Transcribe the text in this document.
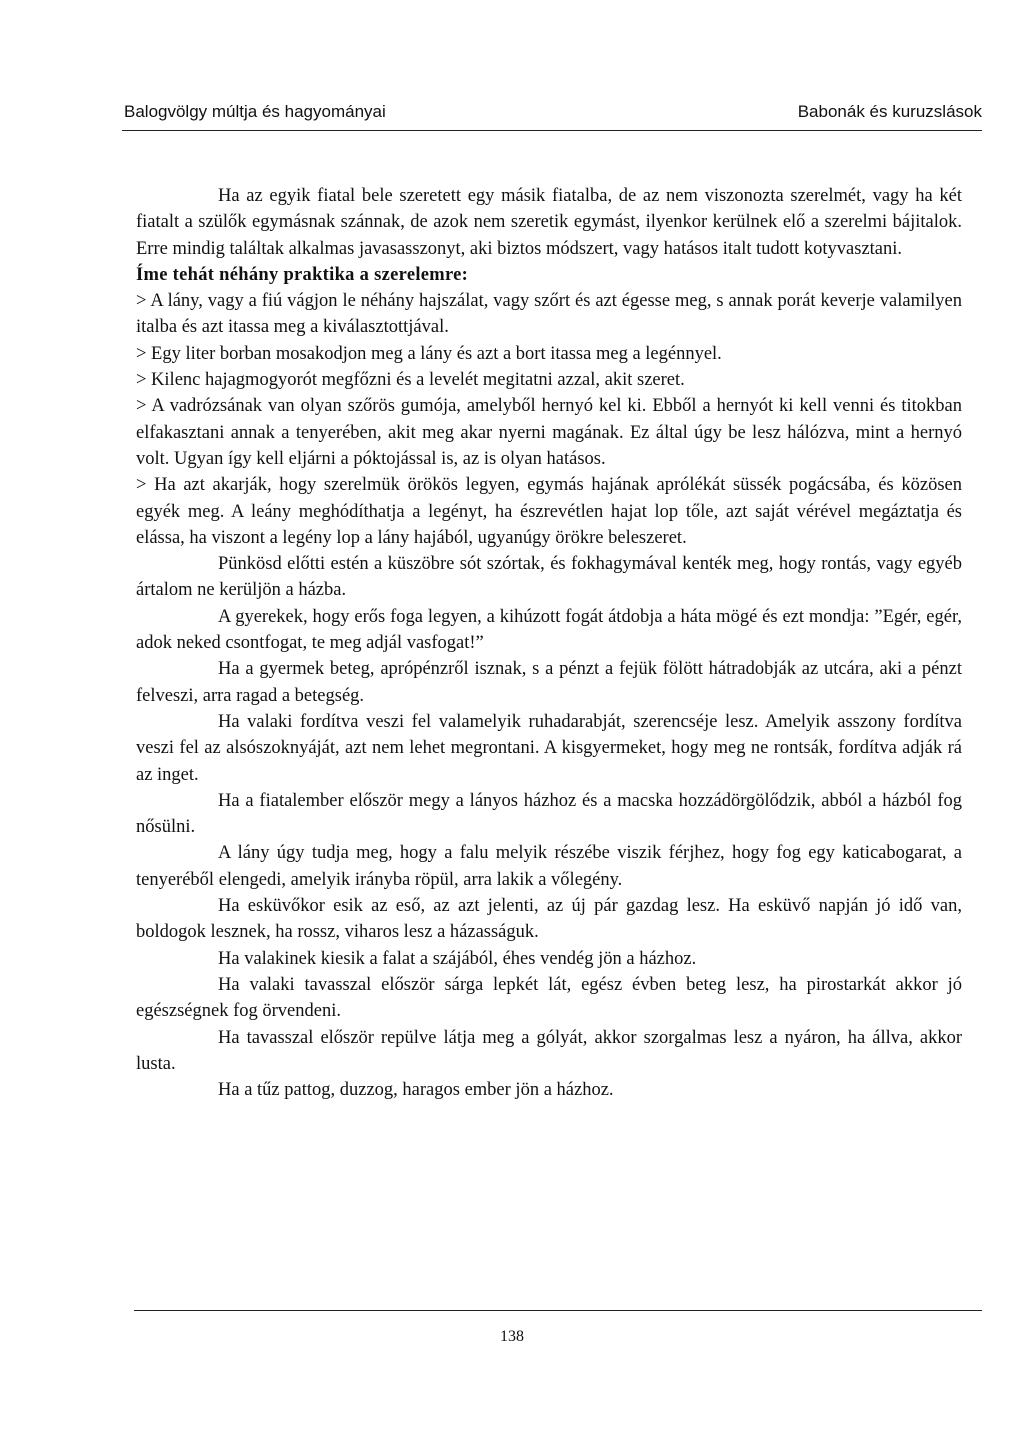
Balogvölgy múltja és hagyományai	Babonák és kuruzslások

Ha az egyik fiatal bele szeretett egy másik fiatalba, de az nem viszonozta szerelmét, vagy ha két fiatalt a szülők egymásnak szánnak, de azok nem szeretik egymást, ilyenkor kerülnek elő a szerelmi bájitalok. Erre mindig találtak alkalmas javasasszonyt, aki biztos módszert, vagy hatásos italt tudott kotyvasztani.

Íme tehát néhány praktika a szerelemre:

> A lány, vagy a fiú vágjon le néhány hajszálat, vagy szőrt és azt égesse meg, s annak porát keverje valamilyen italba és azt itassa meg a kiválasztottjával.

> Egy liter borban mosakodjon meg a lány és azt a bort itassa meg a legénnyel.

> Kilenc hajagmogyorót megfőzni és a levelét megitatni azzal, akit szeret.

> A vadrózsának van olyan szőrös gumója, amelyből hernyó kel ki. Ebből a hernyót ki kell venni és titokban elfakasztani annak a tenyerében, akit meg akar nyerni magának. Ez által úgy be lesz hálózva, mint a hernyó volt. Ugyan így kell eljárni a póktojással is, az is olyan hatásos.

> Ha azt akarják, hogy szerelmük örökös legyen, egymás hajának aprólékát süssék pogácsába, és közösen egyék meg. A leány meghódíthatja a legényt, ha észrevétlen hajat lop tőle, azt saját vérével megáztatja és elássa, ha viszont a legény lop a lány hajából, ugyanúgy örökre beleszeret.

Pünkösd előtti estén a küszöbre sót szórtak, és fokhagymával kenték meg, hogy rontás, vagy egyéb ártalom ne kerüljön a házba.

A gyerekek, hogy erős foga legyen, a kihúzott fogát átdobja a háta mögé és ezt mondja: ”Egér, egér, adok neked csontfogat, te meg adjál vasfogat!”

Ha a gyermek beteg, aprópénzről isznak, s a pénzt a fejük fölött hátradobják az utcára, aki a pénzt felveszi, arra ragad a betegség.

Ha valaki fordítva veszi fel valamelyik ruhadarabját, szerencséje lesz. Amelyik asszony fordítva veszi fel az alsószoknyáját, azt nem lehet megrontani. A kisgyermeket, hogy meg ne rontsák, fordítva adják rá az inget.

Ha a fiatalember először megy a lányos házhoz és a macska hozzádörgölődzik, abból a házból fog nősülni.

A lány úgy tudja meg, hogy a falu melyik részébe viszik férjhez, hogy fog egy katicabogarat, a tenyeréből elengedi, amelyik irányba röpül, arra lakik a vőlegény.

Ha esküvőkor esik az eső, az azt jelenti, az új pár gazdag lesz. Ha esküvő napján jó idő van, boldogok lesznek, ha rossz, viharos lesz a házasságuk.

Ha valakinek kiesik a falat a szájából, éhes vendég jön a házhoz.

Ha valaki tavasszal először sárga lepkét lát, egész évben beteg lesz, ha pirostarkát akkor jó egészségnek fog örvendeni.

Ha tavasszal először repülve látja meg a gólyát, akkor szorgalmas lesz a nyáron, ha állva, akkor lusta.

Ha a tűz pattog, duzzog, haragos ember jön a házhoz.

138
